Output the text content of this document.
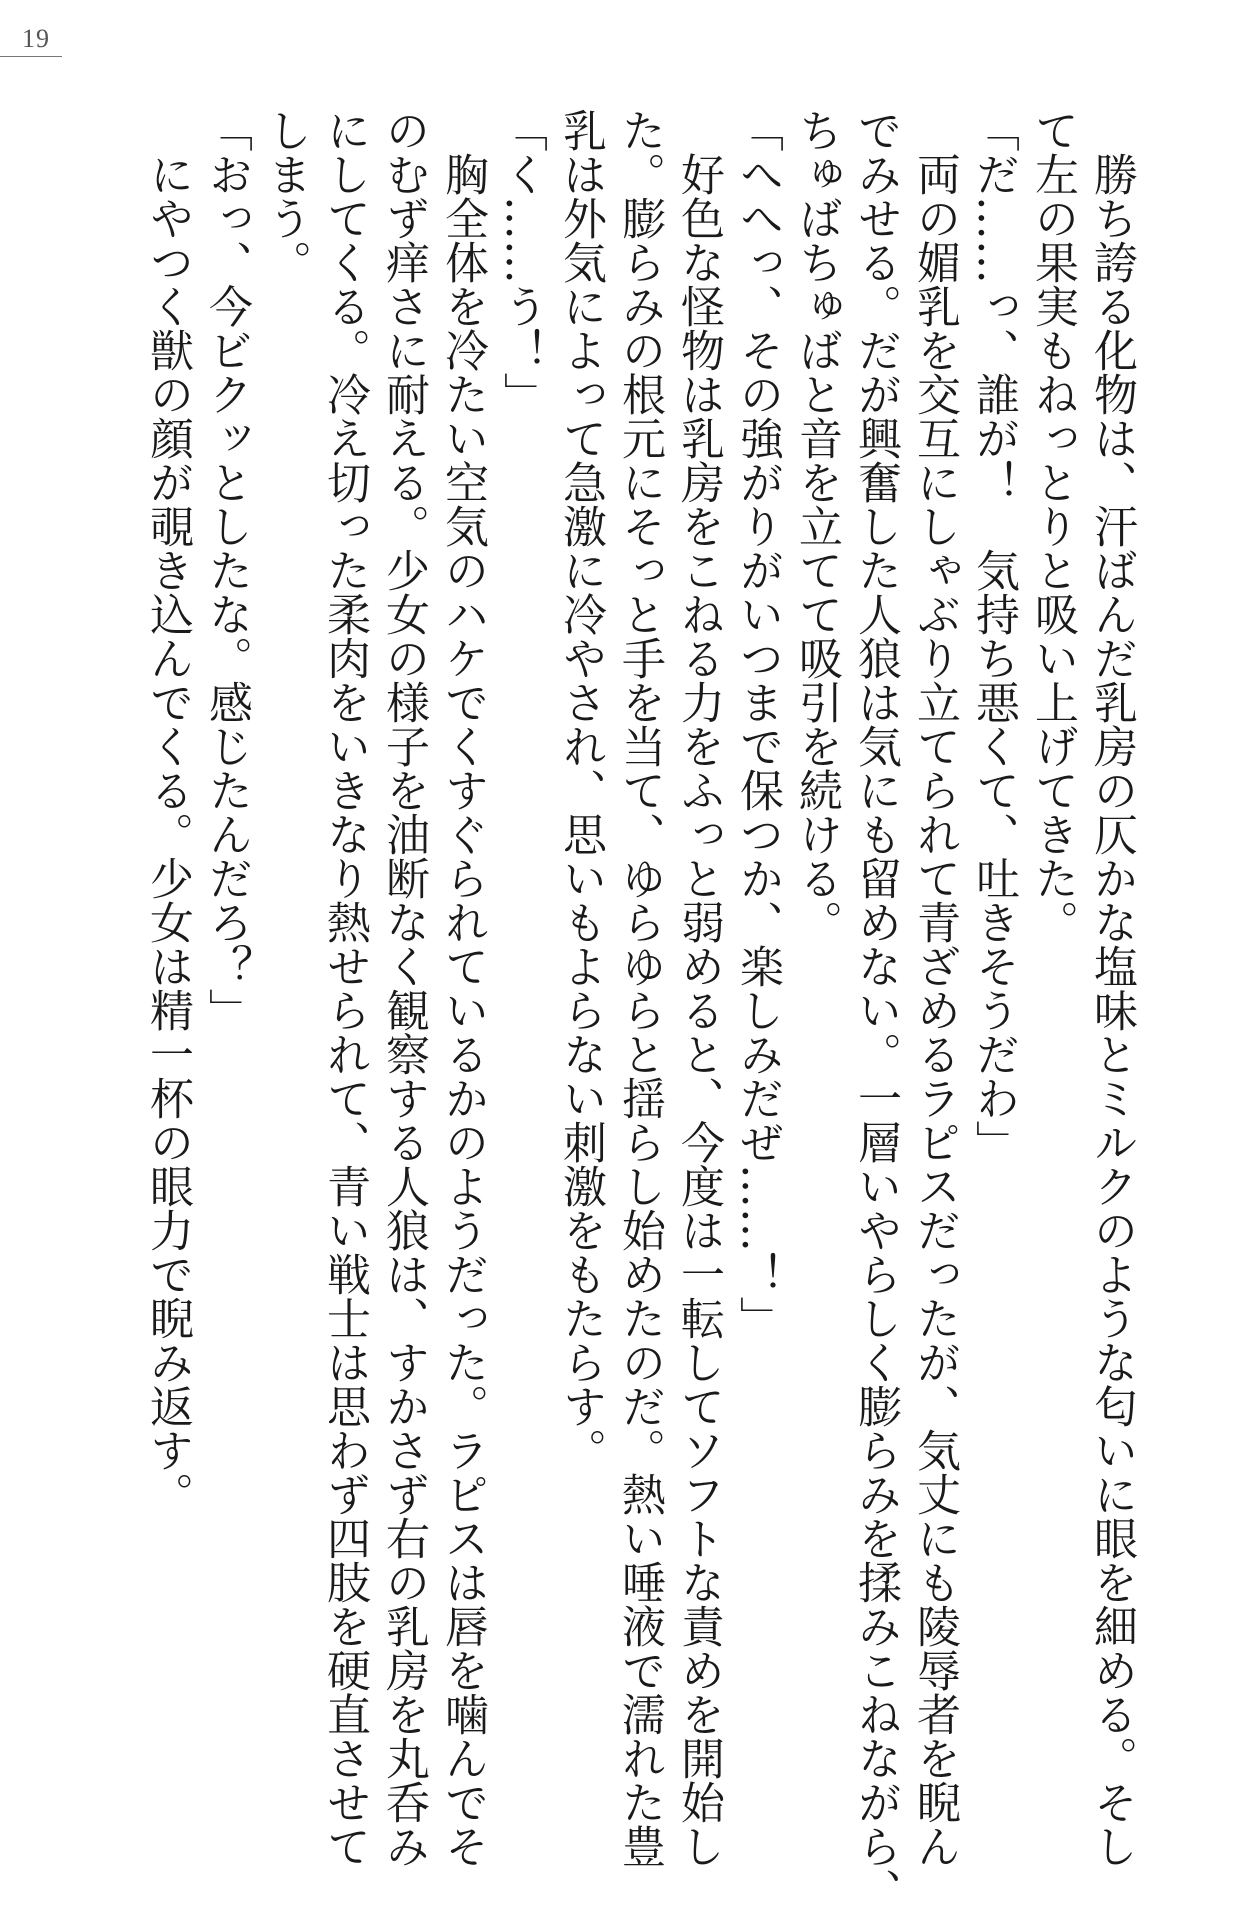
19

　勝ち誇る化物は、汗ばんだ乳房の仄かな塩味とミルクのような匂いに眼を細める。そし

て左の果実もねっとりと吸い上げてきた。

「だ……っ、誰が！　気持ち悪くて、吐きそうだわ」

　両の媚乳を交互にしゃぶり立てられて青ざめるラピスだったが、気丈にも陵辱者を睨ん

でみせる。だが興奮した人狼は気にも留めない。一層いやらしく膨らみを揉みこねながら、

ちゅばちゅばと音を立てて吸引を続ける。

「へへっ、その強がりがいつまで保つか、楽しみだぜ……！」

　好色な怪物は乳房をこねる力をふっと弱めると、今度は一転してソフトな責めを開始し

た。膨らみの根元にそっと手を当て、ゆらゆらと揺らし始めたのだ。熱い唾液で濡れた豊

乳は外気によって急激に冷やされ、思いもよらない刺激をもたらす。

「く……う！」

　胸全体を冷たい空気のハケでくすぐられているかのようだった。ラピスは唇を噛んでそ

のむず痒さに耐える。少女の様子を油断なく観察する人狼は、すかさず右の乳房を丸呑み

にしてくる。冷え切った柔肉をいきなり熱せられて、青い戦士は思わず四肢を硬直させて

しまう。

「おっ、今ビクッとしたな。感じたんだろ？」

　にやつく獣の顔が覗き込んでくる。少女は精一杯の眼力で睨み返す。
